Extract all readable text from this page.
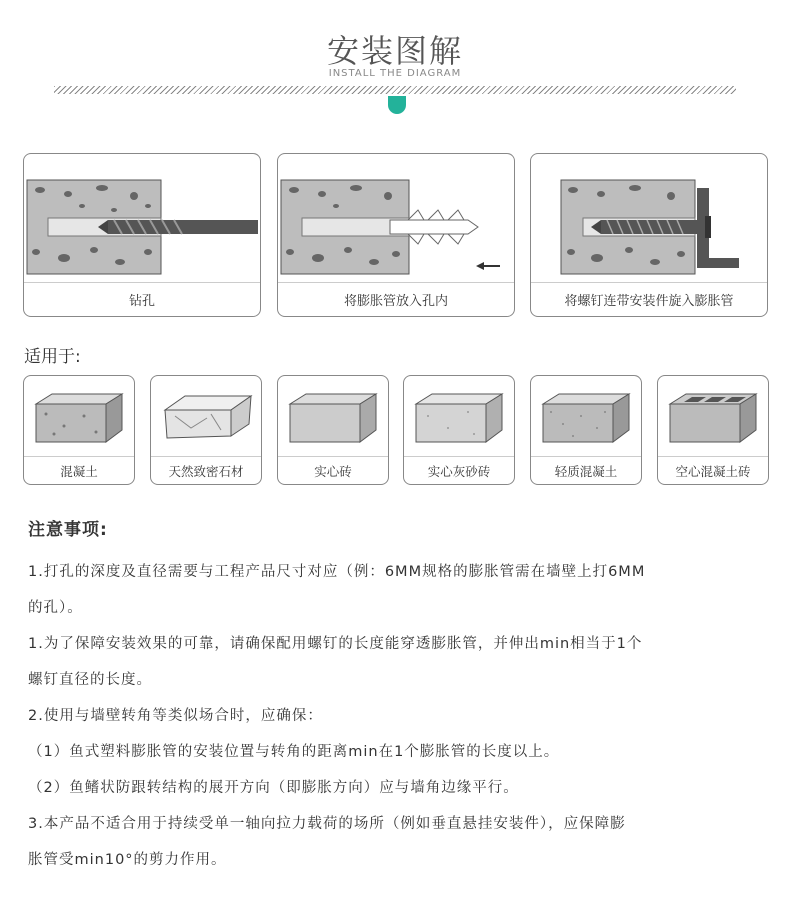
安装图解
INSTALL THE DIAGRAM
钻孔	将膨胀管放入孔内	将螺钉连带安装件旋入膨胀管
适用于:
混凝土	天然致密石材	实心砖	实心灰砂砖	轻质混凝土	空心混凝土砖
注意事项:
1.打孔的深度及直径需要与工程产品尺寸对应（例：6MM规格的膨胀管需在墙壁上打6MM
的孔）。
1.为了保障安装效果的可靠，请确保配用螺钉的长度能穿透膨胀管，并伸出min相当于1个
螺钉直径的长度。
2.使用与墙壁转角等类似场合时，应确保：
（1）鱼式塑料膨胀管的安装位置与转角的距离min在1个膨胀管的长度以上。
（2）鱼鳍状防跟转结构的展开方向（即膨胀方向）应与墙角边缘平行。
3.本产品不适合用于持续受单一轴向拉力载荷的场所（例如垂直悬挂安装件），应保障膨
胀管受min10°的剪力作用。
